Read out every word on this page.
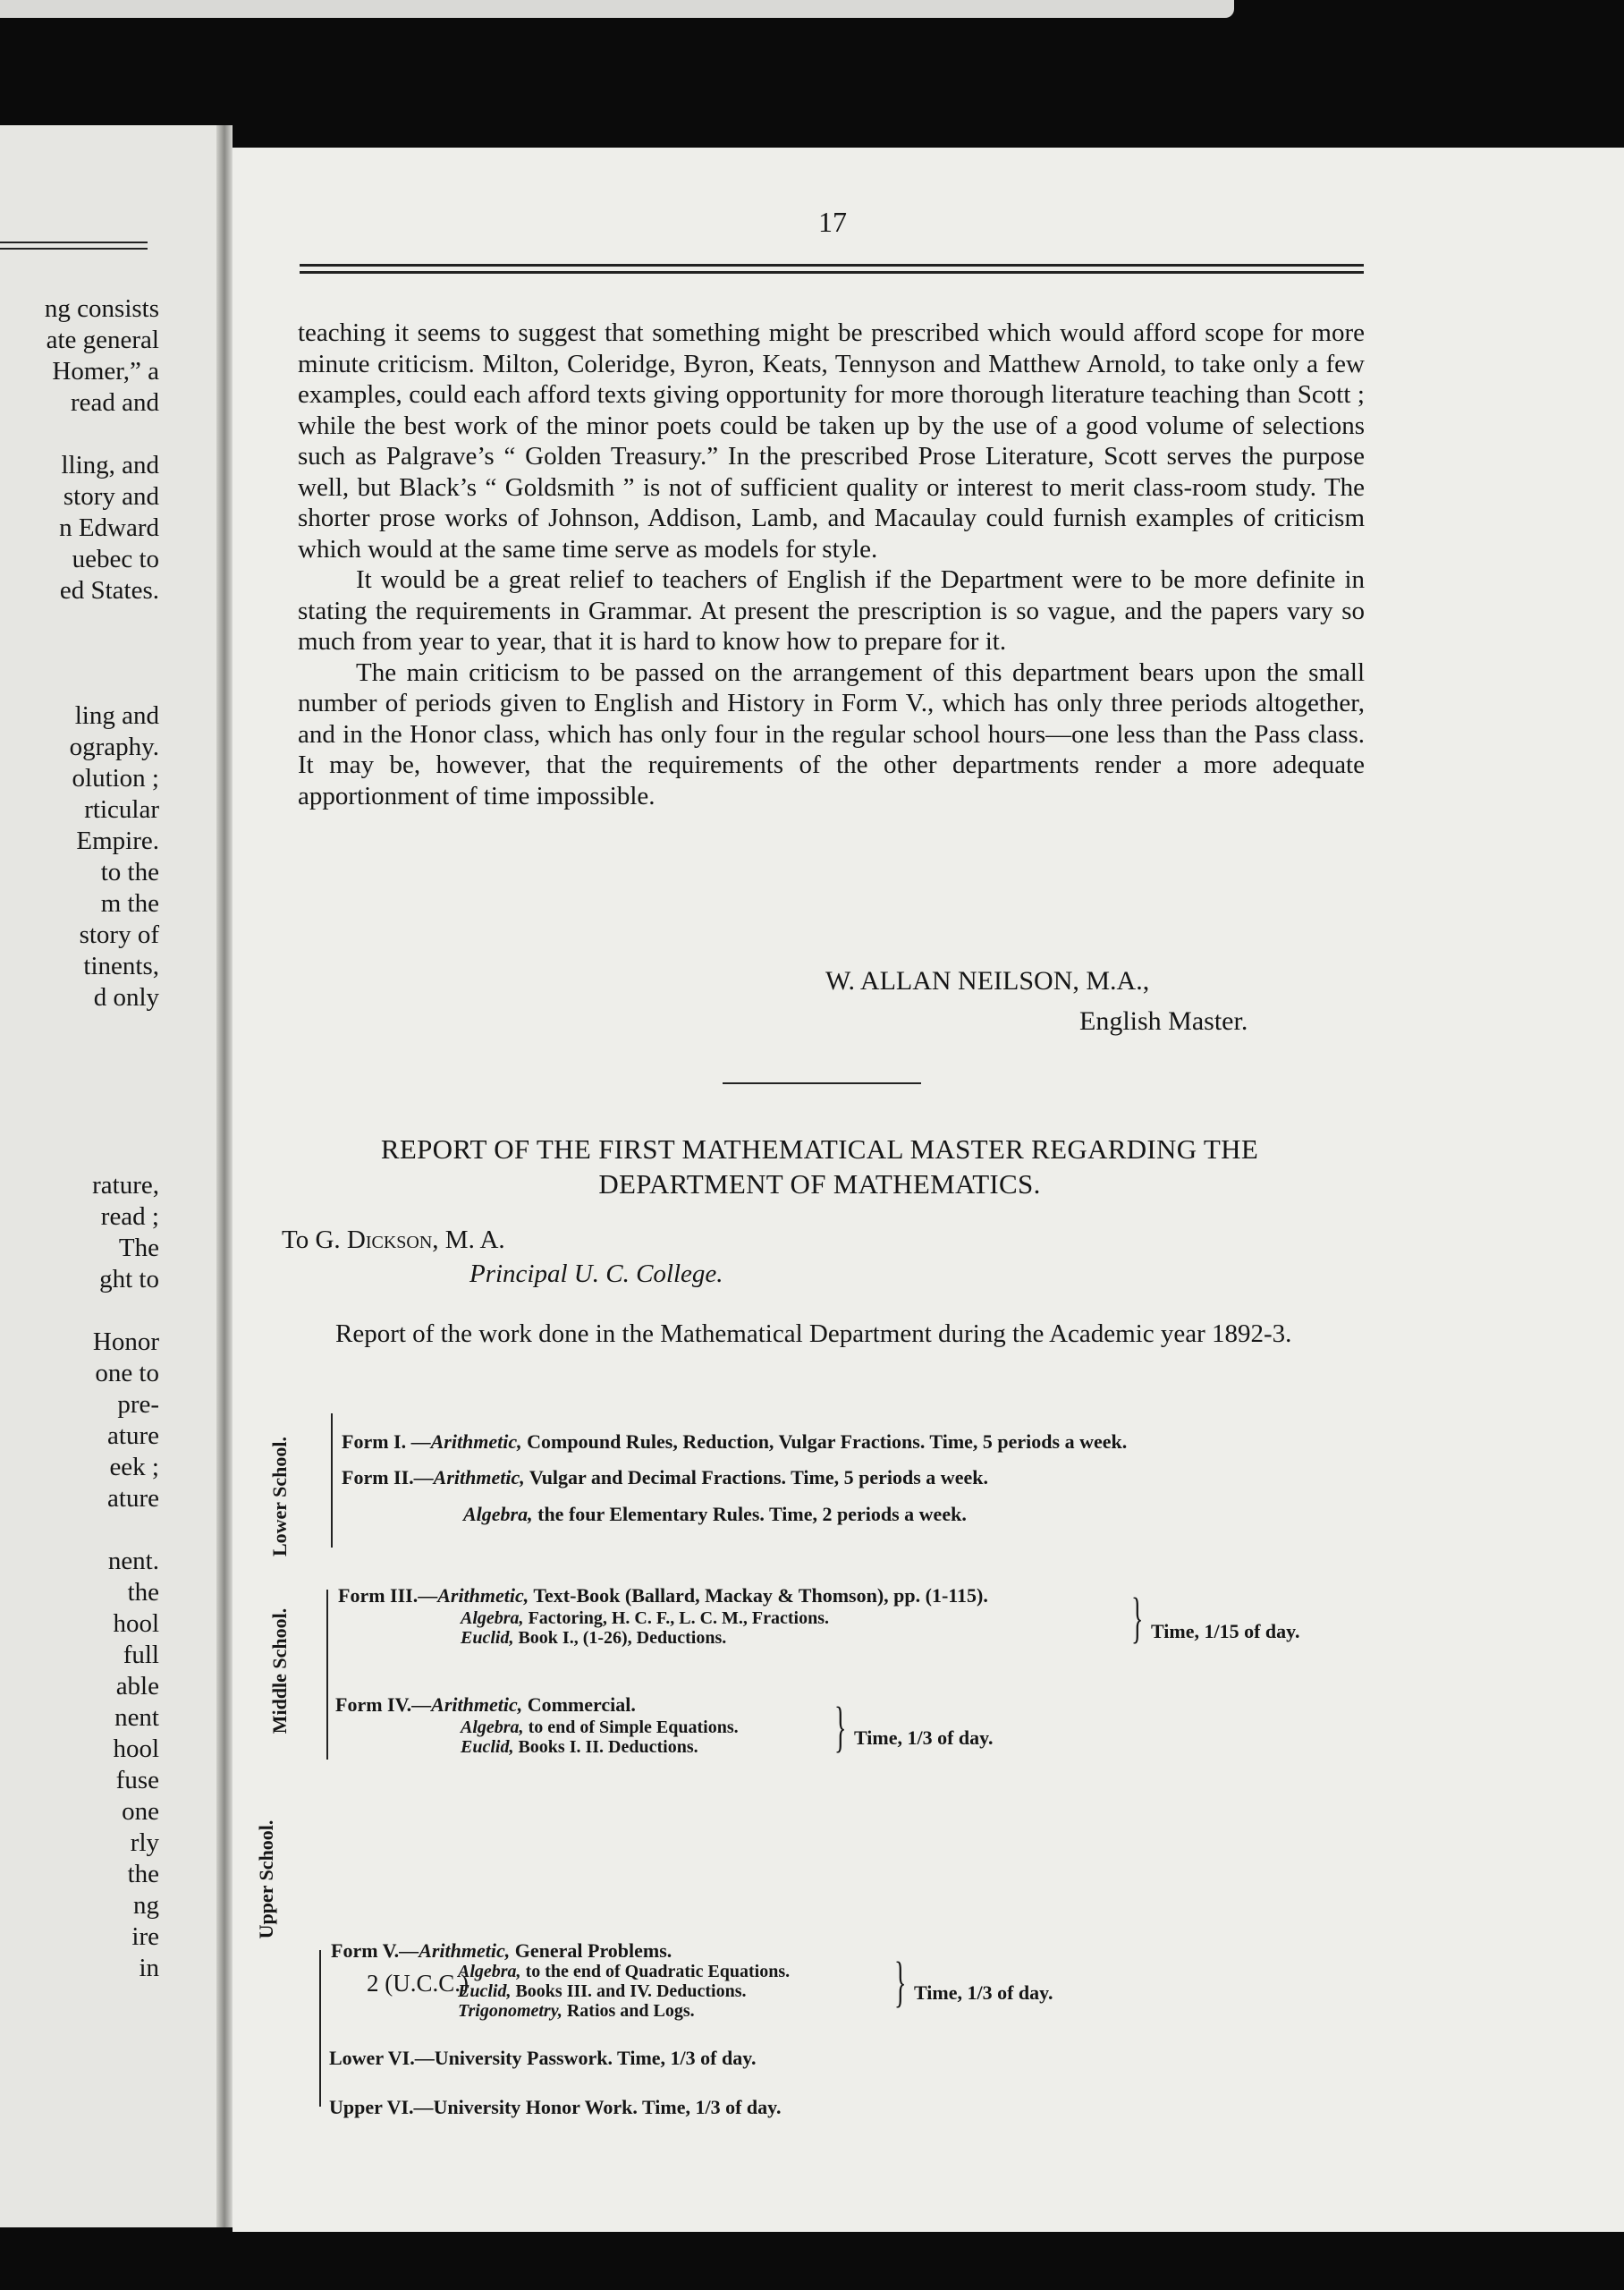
ng consists
ate general
Homer,” a
read and

lling, and
story and
n Edward
uebec to
ed States.

ling and
ography.
olution ;
rticular
Empire.
to the
m the
story of
tinents,
d only

rature,
read ;
The
ght to

Honor
one to
pre-
ature
eek ;
ature

nent.
the
hool
full
able
nent
hool
fuse
one
rly
the
ng
ire
in
17

teaching it seems to suggest that something might be prescribed which would afford scope for more minute criticism. Milton, Coleridge, Byron, Keats, Tennyson and Matthew Arnold, to take only a few examples, could each afford texts giving opportunity for more thorough literature teaching than Scott ; while the best work of the minor poets could be taken up by the use of a good volume of selections such as Palgrave’s “ Golden Treasury.” In the prescribed Prose Literature, Scott serves the purpose well, but Black’s “ Goldsmith ” is not of sufficient quality or interest to merit class-room study. The shorter prose works of Johnson, Addison, Lamb, and Macaulay could furnish examples of criticism which would at the same time serve as models for style.

It would be a great relief to teachers of English if the Department were to be more definite in stating the requirements in Grammar. At present the prescription is so vague, and the papers vary so much from year to year, that it is hard to know how to prepare for it.

The main criticism to be passed on the arrangement of this department bears upon the small number of periods given to English and History in Form V., which has only three periods altogether, and in the Honor class, which has only four in the regular school hours—one less than the Pass class. It may be, however, that the requirements of the other departments render a more adequate apportionment of time impossible.

W. ALLAN NEILSON, M.A.,
English Master.
REPORT OF THE FIRST MATHEMATICAL MASTER REGARDING THE
DEPARTMENT OF MATHEMATICS.
To G. Dickson, M. A.
Principal U. C. College.
Report of the work done in the Mathematical Department during the Academic year 1892-3.
Lower School.	Form I. —Arithmetic, Compound Rules, Reduction, Vulgar Fractions. Time, 5 periods a week.
Form II.—Arithmetic, Vulgar and Decimal Fractions. Time, 5 periods a week.
Algebra, the four Elementary Rules. Time, 2 periods a week.
Middle School.
Form III.—Arithmetic, Text-Book (Ballard, Mackay & Thomson), pp. (1-115).
Algebra, Factoring, H. C. F., L. C. M., Fractions.
Euclid, Book I., (1-26), Deductions.	} Time, 1/15 of day.
Form IV.—Arithmetic, Commercial.
Algebra, to end of Simple Equations.
Euclid, Books I. II. Deductions. } Time, 1/3 of day.
Upper School.
Form V.—Arithmetic, General Problems.
Algebra, to the end of Quadratic Equations.
Euclid, Books III. and IV. Deductions.
Trigonometry, Ratios and Logs.	} Time, 1/3 of day.
Lower VI.—University Passwork. Time, 1/3 of day.
Upper VI.—University Honor Work. Time, 1/3 of day.
2 (U.C.C.)
